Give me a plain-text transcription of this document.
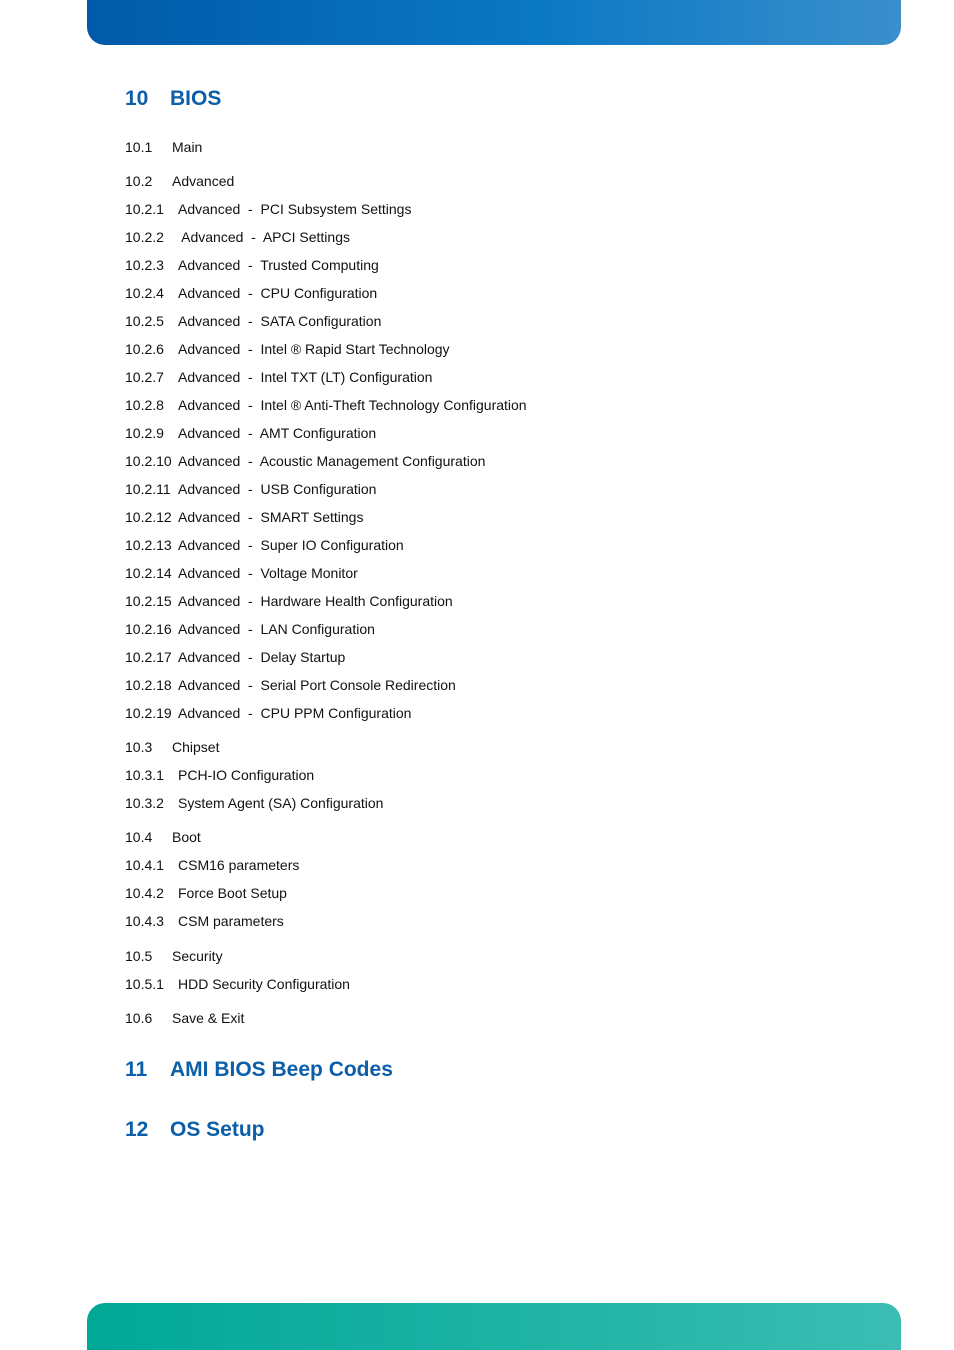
10 BIOS
10.1 Main
10.2 Advanced
10.2.1 Advanced  -  PCI Subsystem Settings
10.2.2 Advanced  -  APCI Settings
10.2.3 Advanced  -  Trusted Computing
10.2.4 Advanced  -  CPU Configuration
10.2.5 Advanced  -  SATA Configuration
10.2.6 Advanced  -  Intel ® Rapid Start Technology
10.2.7 Advanced  -  Intel TXT (LT) Configuration
10.2.8 Advanced  -  Intel ® Anti-Theft Technology Configuration
10.2.9 Advanced  -  AMT Configuration
10.2.10 Advanced  -  Acoustic Management Configuration
10.2.11 Advanced  -  USB Configuration
10.2.12 Advanced  -  SMART Settings
10.2.13 Advanced  -  Super IO Configuration
10.2.14 Advanced  -  Voltage Monitor
10.2.15 Advanced  -  Hardware Health Configuration
10.2.16 Advanced  -  LAN Configuration
10.2.17 Advanced  -  Delay Startup
10.2.18 Advanced  -  Serial Port Console Redirection
10.2.19 Advanced  -  CPU PPM Configuration
10.3 Chipset
10.3.1 PCH-IO Configuration
10.3.2 System Agent (SA) Configuration
10.4 Boot
10.4.1 CSM16 parameters
10.4.2 Force Boot Setup
10.4.3 CSM parameters
10.5 Security
10.5.1 HDD Security Configuration
10.6 Save & Exit
11 AMI BIOS Beep Codes
12 OS Setup
